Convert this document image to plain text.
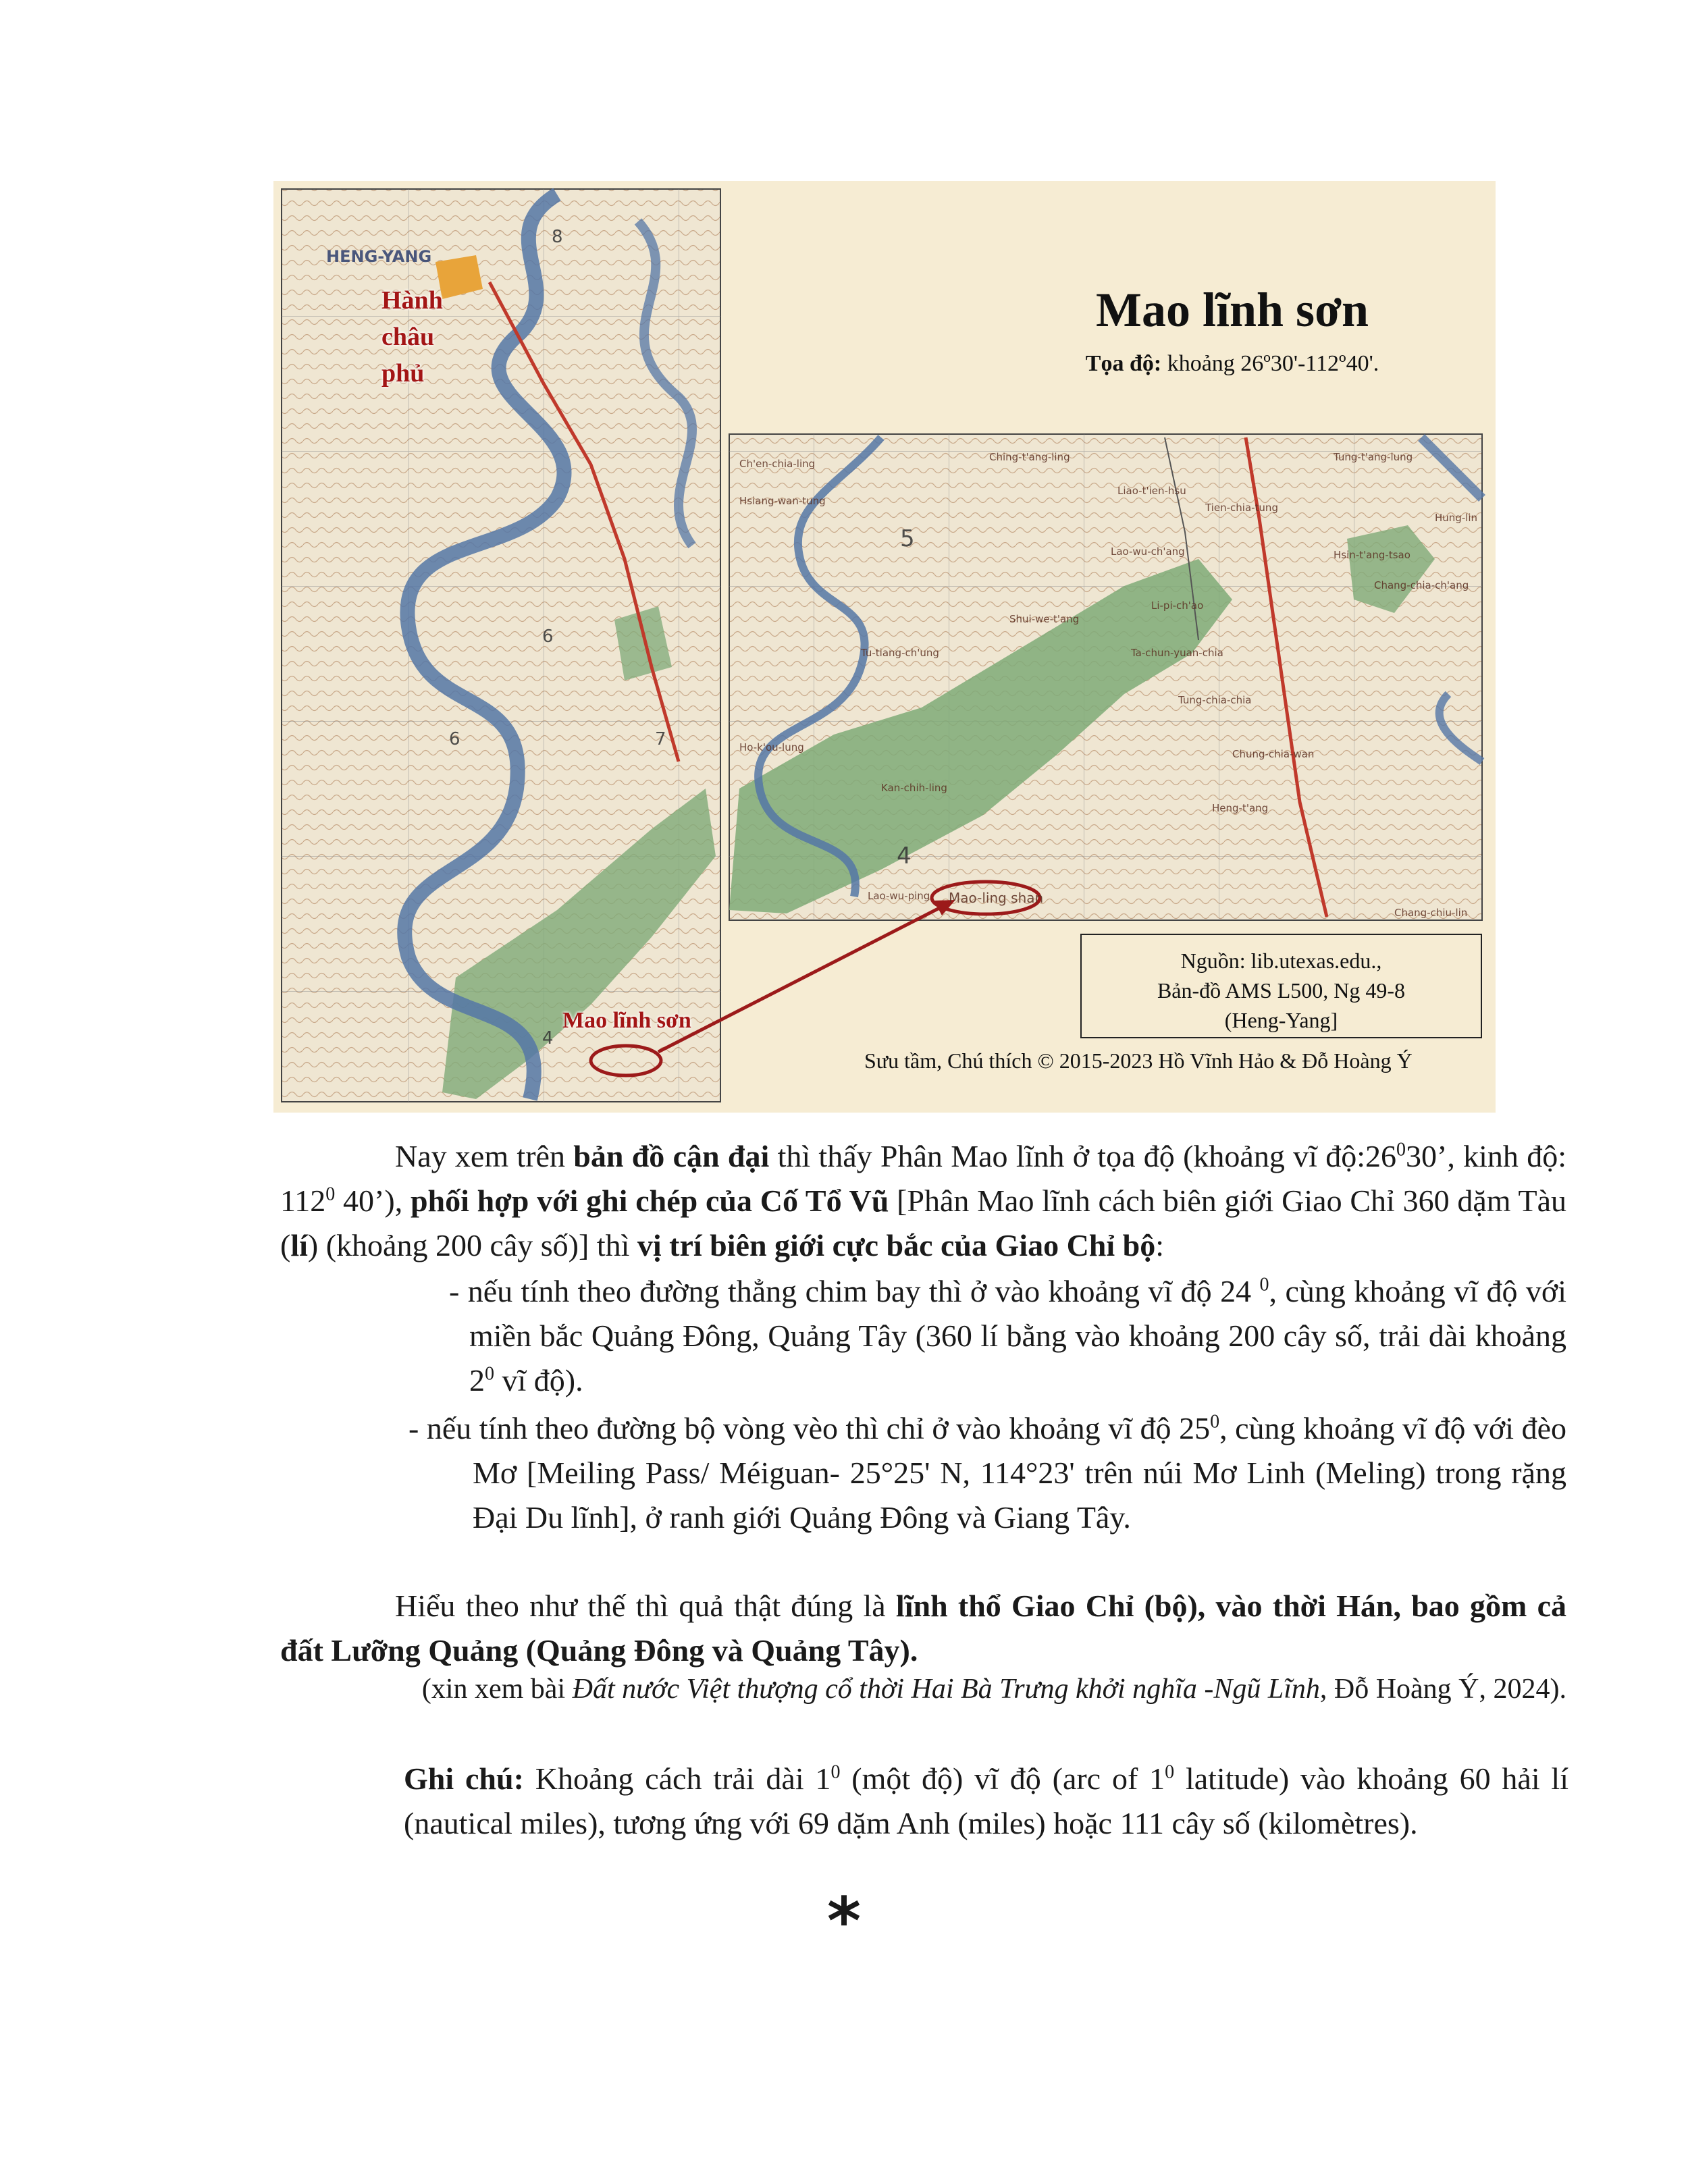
HENG-YANG
Hành
châu
phủ
Mao lĩnh sơn
Mao-ling shan
8
6
7
6
5
4
4
Ch'en-chia-ling
Ching-t'ang-ling
Liao-t'ien-hsu
Hsiang-wan-tung
Tung-t'ang-lung
Tien-chia-tung
Lao-wu-ch'ang	Hsin-t'ang-tsao
Chang-chia-ch'ang
Hung-lin
Shui-we-t'ang
Li-pi-ch'ao
Tu-tiang-ch'ung	Ta-chun-yuan-chia
Ho-k'ou-lung
Tung-chia-chia
Kan-chih-ling
Lao-wu-ping
Heng-t'ang
Chung-chia-wan
Chang-chiu-lin
Mao lĩnh sơn
Tọa độ: khoảng 26º30'-112º40'.
Nguồn: lib.utexas.edu.,
Bản-đồ AMS L500, Ng 49-8
(Heng-Yang]
Sưu tầm, Chú thích © 2015-2023 Hồ Vĩnh Hảo & Đỗ Hoàng Ý
Nay xem trên bản đồ cận đại thì thấy Phân Mao lĩnh ở tọa độ (khoảng vĩ $độ:26^030$’, kinh độ: $112^0$ 40’), phối hợp với ghi chép của Cố Tổ Vũ [Phân Mao lĩnh cách biên giới Giao Chỉ 360 dặm Tàu (lí) (khoảng 200 cây số)] thì vị trí biên giới cực bắc của Giao Chỉ bộ:
- nếu tính theo đường thẳng chim bay thì ở vào khoảng vĩ độ 24 $^0$, cùng khoảng vĩ độ với miền bắc Quảng Đông, Quảng Tây (360 lí bằng vào khoảng 200 cây số, trải dài khoảng $2^0$ vĩ độ).
- nếu tính theo đường bộ vòng vèo thì chỉ ở vào khoảng vĩ độ $25^0$, cùng khoảng vĩ độ với đèo Mơ [Meiling Pass/ Méiguan- 25°25' N, 114°23' trên núi Mơ Linh (Meling) trong rặng Đại Du lĩnh], ở ranh giới Quảng Đông và Giang Tây.
Hiểu theo như thế thì quả thật đúng là lĩnh thổ Giao Chỉ (bộ), vào thời Hán, bao gồm cả đất Lưỡng Quảng (Quảng Đông và Quảng Tây).
(xin xem bài Đất nước Việt thượng cổ thời Hai Bà Trưng khởi nghĩa -Ngũ Lĩnh, Đỗ Hoàng Ý, 2024).
Ghi chú: Khoảng cách trải dài $1^0$ (một độ) vĩ độ (arc of $1^0$ latitude) vào khoảng 60 hải lí (nautical miles), tương ứng với 69 dặm Anh (miles) hoặc 111 cây số (kilomètres).
*
